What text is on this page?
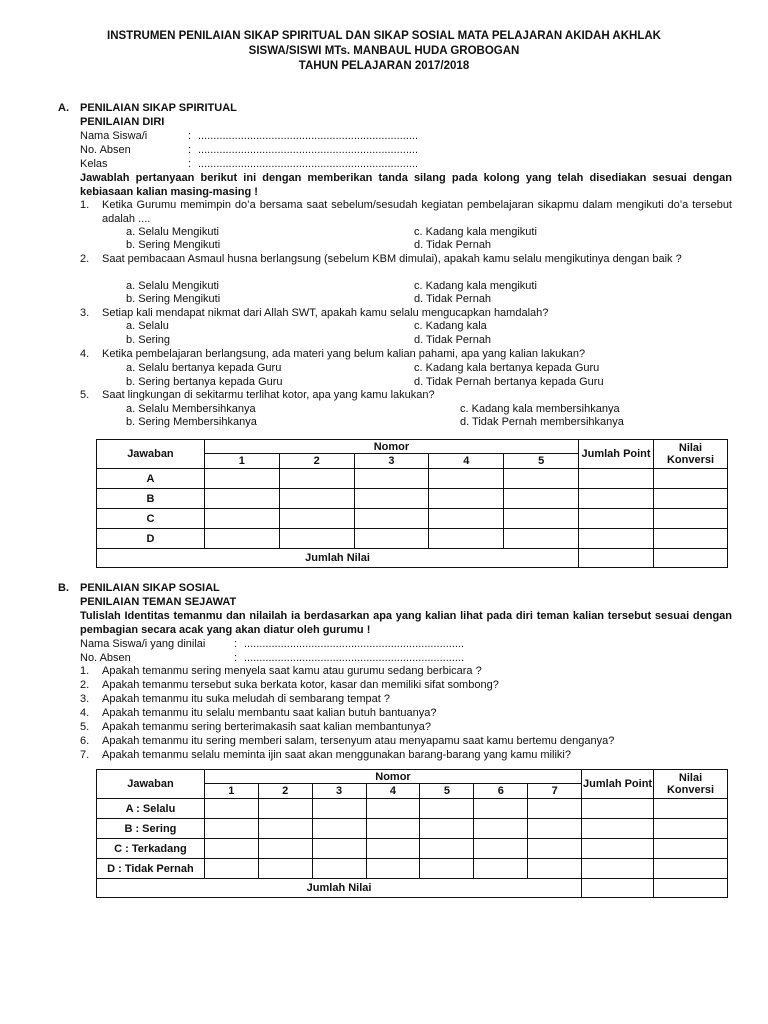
INSTRUMEN PENILAIAN SIKAP SPIRITUAL DAN SIKAP SOSIAL MATA PELAJARAN AKIDAH AKHLAK
SISWA/SISWI MTs. MANBAUL HUDA GROBOGAN
TAHUN PELAJARAN 2017/2018
A. PENILAIAN SIKAP SPIRITUAL
PENILAIAN DIRI
Nama Siswa/i	: ........................................................................
No. Absen	: ........................................................................
Kelas	: ........................................................................
Jawablah pertanyaan berikut ini dengan memberikan tanda silang pada kolong yang telah disediakan sesuai dengan kebiasaan kalian masing-masing !
1. Ketika Gurumu memimpin do’a bersama saat sebelum/sesudah kegiatan pembelajaran sikapmu dalam mengikuti do’a tersebut adalah ....
a. Selalu Mengikuti	c. Kadang kala mengikuti
b. Sering Mengikuti	d. Tidak Pernah
2. Saat pembacaan Asmaul husna berlangsung (sebelum KBM dimulai), apakah kamu selalu mengikutinya dengan baik ?
a. Selalu Mengikuti	c. Kadang kala mengikuti
b. Sering Mengikuti	d. Tidak Pernah
3. Setiap kali mendapat nikmat dari Allah SWT, apakah kamu selalu mengucapkan hamdalah?
a. Selalu	c. Kadang kala
b. Sering	d. Tidak Pernah
4. Ketika pembelajaran berlangsung, ada materi yang belum kalian pahami, apa yang kalian lakukan?
a. Selalu bertanya kepada Guru	c. Kadang kala bertanya kepada Guru
b. Sering bertanya kepada Guru	d. Tidak Pernah bertanya kepada Guru
5. Saat lingkungan di sekitarmu terlihat kotor, apa yang kamu lakukan?
a. Selalu Membersihkanya	c. Kadang kala membersihkanya
b. Sering Membersihkanya	d. Tidak Pernah membersihkanya
Jawaban	Nomor					Jumlah Point	Nilai Konversi
	1	2	3	4	5		
A							
B							
C							
D							
Jumlah Nilai							
B. PENILAIAN SIKAP SOSIAL
PENILAIAN TEMAN SEJAWAT
Tulislah Identitas temanmu dan nilailah ia berdasarkan apa yang kalian lihat pada diri teman kalian tersebut sesuai dengan pembagian secara acak yang akan diatur oleh gurumu !
Nama Siswa/i yang dinilai	: ........................................................................
No. Absen	: ........................................................................
1. Apakah temanmu sering menyela saat kamu atau gurumu sedang berbicara ?
2. Apakah temanmu tersebut suka berkata kotor, kasar dan memiliki sifat sombong?
3. Apakah temanmu itu suka meludah di sembarang tempat ?
4. Apakah temanmu itu selalu membantu saat kalian butuh bantuanya?
5. Apakah temanmu sering berterimakasih saat kalian membantunya?
6. Apakah temanmu itu sering memberi salam, tersenyum atau menyapamu saat kamu bertemu denganya?
7. Apakah temanmu selalu meminta ijin saat akan menggunakan barang-barang yang kamu miliki?
Jawaban	Nomor							Jumlah Point	Nilai Konversi
	1	2	3	4	5	6	7		
A : Selalu									
B : Sering									
C : Terkadang									
D : Tidak Pernah									
Jumlah Nilai									
